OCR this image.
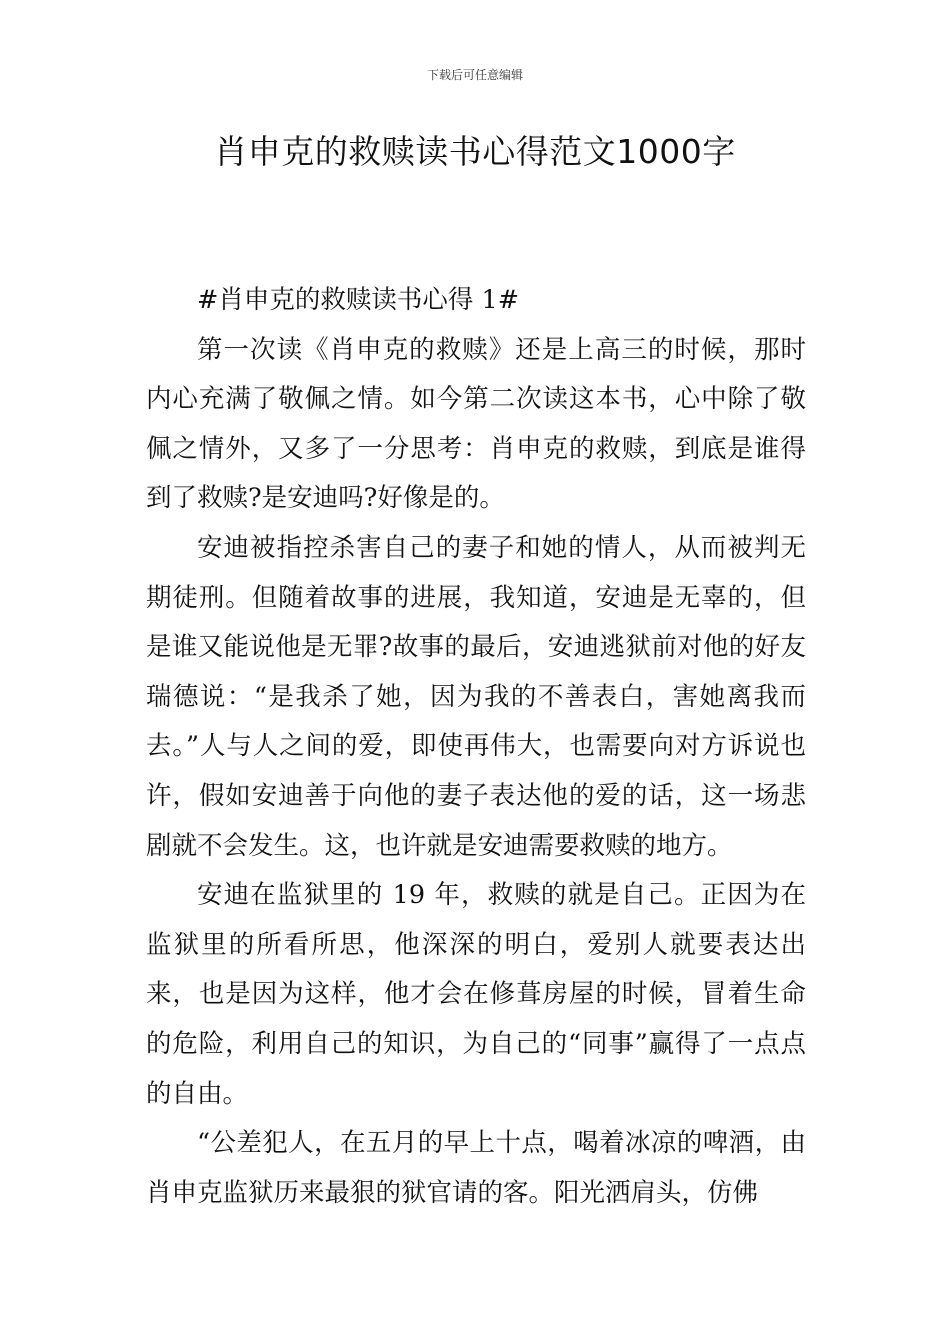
下载后可任意编辑
肖申克的救赎读书心得范文1000字

#肖申克的救赎读书心得 1#

第一次读《肖申克的救赎》还是上高三的时候，那时内心充满了敬佩之情。如今第二次读这本书，心中除了敬佩之情外，又多了一分思考：肖申克的救赎，到底是谁得到了救赎?是安迪吗?好像是的。

安迪被指控杀害自己的妻子和她的情人，从而被判无期徒刑。但随着故事的进展，我知道，安迪是无辜的，但是谁又能说他是无罪?故事的最后，安迪逃狱前对他的好友瑞德说：“是我杀了她，因为我的不善表白，害她离我而去。”人与人之间的爱，即使再伟大，也需要向对方诉说也许，假如安迪善于向他的妻子表达他的爱的话，这一场悲剧就不会发生。这，也许就是安迪需要救赎的地方。

安迪在监狱里的 19 年，救赎的就是自己。正因为在监狱里的所看所思，他深深的明白，爱别人就要表达出来，也是因为这样，他才会在修葺房屋的时候，冒着生命的危险，利用自己的知识，为自己的“同事”赢得了一点点的自由。

“公差犯人，在五月的早上十点，喝着冰凉的啤酒，由肖申克监狱历来最狠的狱官请的客。阳光洒肩头，仿佛
